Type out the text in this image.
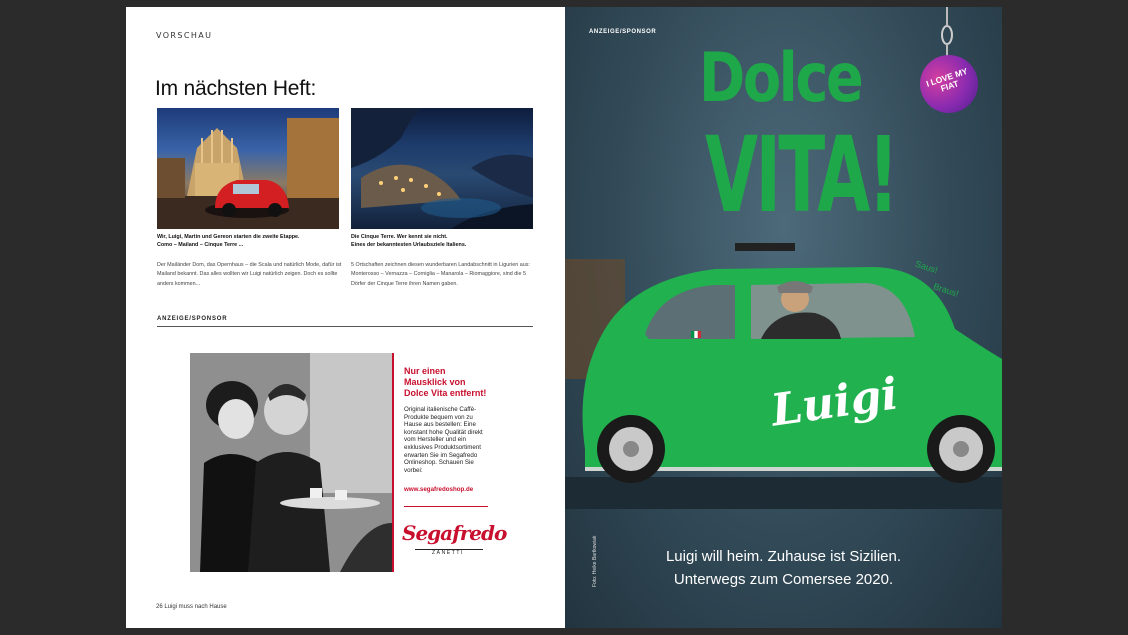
VORSCHAU
Im nächsten Heft:
Wir, Luigi, Martin und Gereon starten die zweite Etappe.
Como – Mailand – Cinque Terre ...
Der Mailänder Dom, das Opernhaus – die Scala und natürlich Mode, dafür ist Mailand bekannt. Das alles wollten wir Luigi natürlich zeigen. Doch es sollte anders kommen...
Die Cinque Terre. Wer kennt sie nicht.
Eines der bekanntesten Urlaubsziele Italiens.
5 Ortschaften zeichnen diesen wunderbaren Landabschnitt in Ligurien aus: Monterosso – Vernazza – Corniglia – Manarola – Riomaggiore, sind die 5 Dörfer der Cinque Terre ihren Namen gaben.
ANZEIGE/SPONSOR
Nur einen Mausklick von Dolce Vita entfernt!
Original italienische Caffè-Produkte bequem von zu Hause aus bestellen: Eine konstant hohe Qualität direkt vom Hersteller und ein exklusives Produktsortiment erwarten Sie im Segafredo Onlineshop. Schauen Sie vorbei:
www.segafredoshop.de
Segafredo
ZANETTI
26 Luigi muss nach Hause
ANZEIGE/SPONSOR
Dolce
VITA!
I LOVE MY FIAT
Saus!
Braus!
Luigi
Luigi will heim. Zuhause ist Sizilien.
Unterwegs zum Comersee 2020.
Foto: Heike Bartkowiak
